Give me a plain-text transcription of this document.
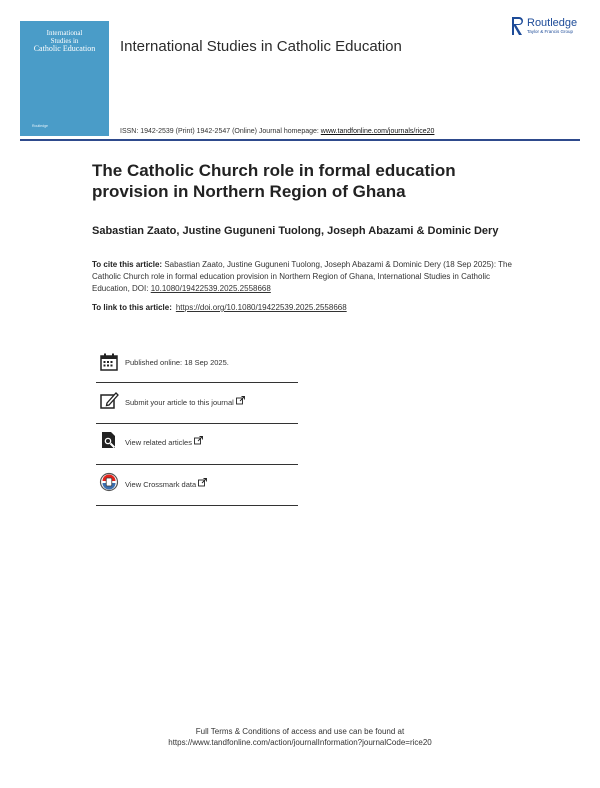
International
Studies in
Catholic Education
Routledge
International Studies in Catholic Education
Routledge
Taylor & Francis Group
ISSN: 1942-2539 (Print) 1942-2547 (Online) Journal homepage: www.tandfonline.com/journals/rice20
The Catholic Church role in formal education provision in Northern Region of Ghana
Sabastian Zaato, Justine Guguneni Tuolong, Joseph Abazami & Dominic Dery
To cite this article: Sabastian Zaato, Justine Guguneni Tuolong, Joseph Abazami & Dominic Dery (18 Sep 2025): The Catholic Church role in formal education provision in Northern Region of Ghana, International Studies in Catholic Education, DOI: 10.1080/19422539.2025.2558668
To link to this article: https://doi.org/10.1080/19422539.2025.2558668
Published online: 18 Sep 2025.
Submit your article to this journal
View related articles
View Crossmark data
Full Terms & Conditions of access and use can be found at
https://www.tandfonline.com/action/journalInformation?journalCode=rice20
